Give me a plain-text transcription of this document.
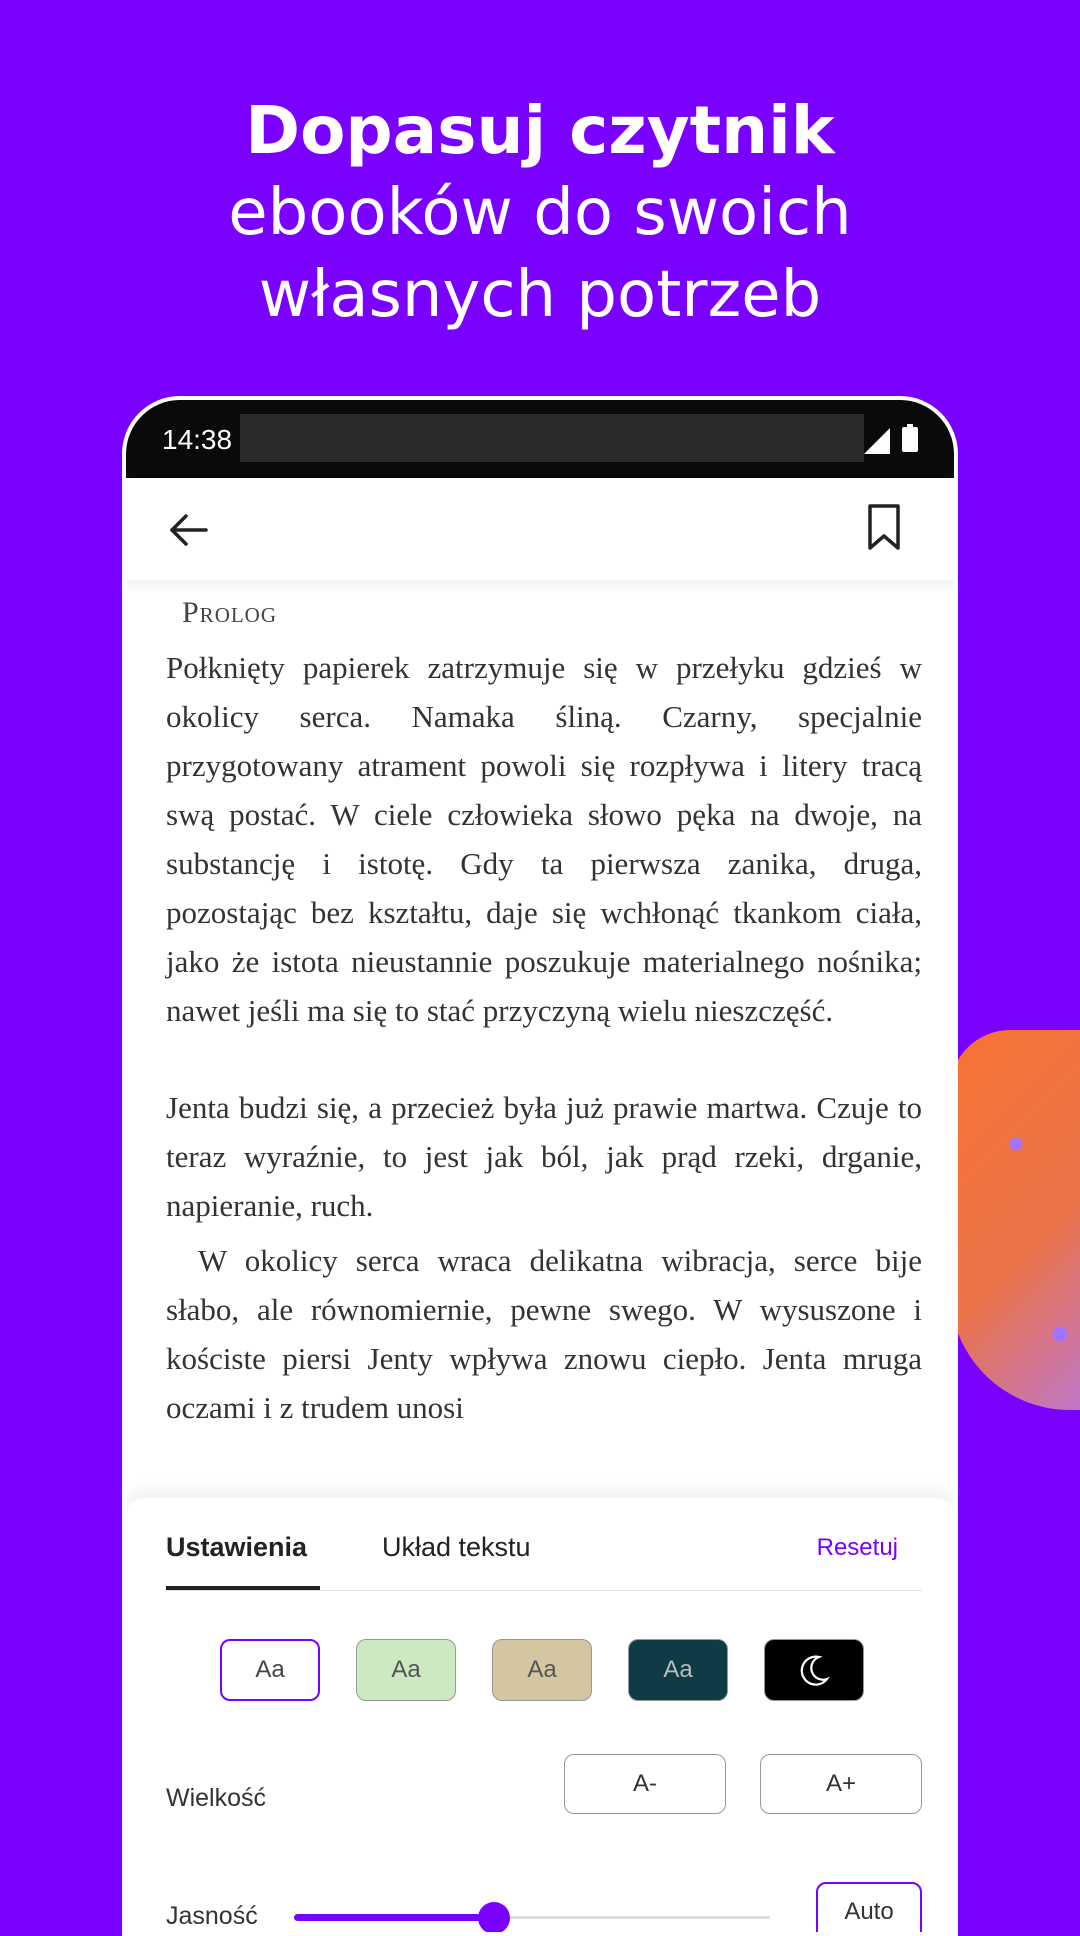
Dopasuj czytnik
ebooków do swoich
własnych potrzeb
14:38
Prolog

Połknięty papierek zatrzymuje się w przełyku gdzieś w okolicy serca. Namaka śliną. Czarny, specjalnie przygotowany atrament powoli się rozpływa i litery tracą swą postać. W ciele człowieka słowo pęka na dwoje, na substancję i istotę. Gdy ta pierwsza zanika, druga, pozostając bez kształtu, daje się wchłonąć tkankom ciała, jako że istota nieustannie poszukuje materialnego nośnika; nawet jeśli ma się to stać przyczyną wielu nieszczęść.

Jenta budzi się, a przecież była już prawie martwa. Czuje to teraz wyraźnie, to jest jak ból, jak prąd rzeki, drganie, napieranie, ruch.

W okolicy serca wraca delikatna wibracja, serce bije słabo, ale równomiernie, pewne swego. W wysuszone i kościste piersi Jenty wpływa znowu ciepło. Jenta mruga oczami i z trudem unosi

Ustawienia	Układ tekstu	Resetuj
Aa	Aa	Aa	Aa
Wielkość
A-	A+
Jasność	Auto
